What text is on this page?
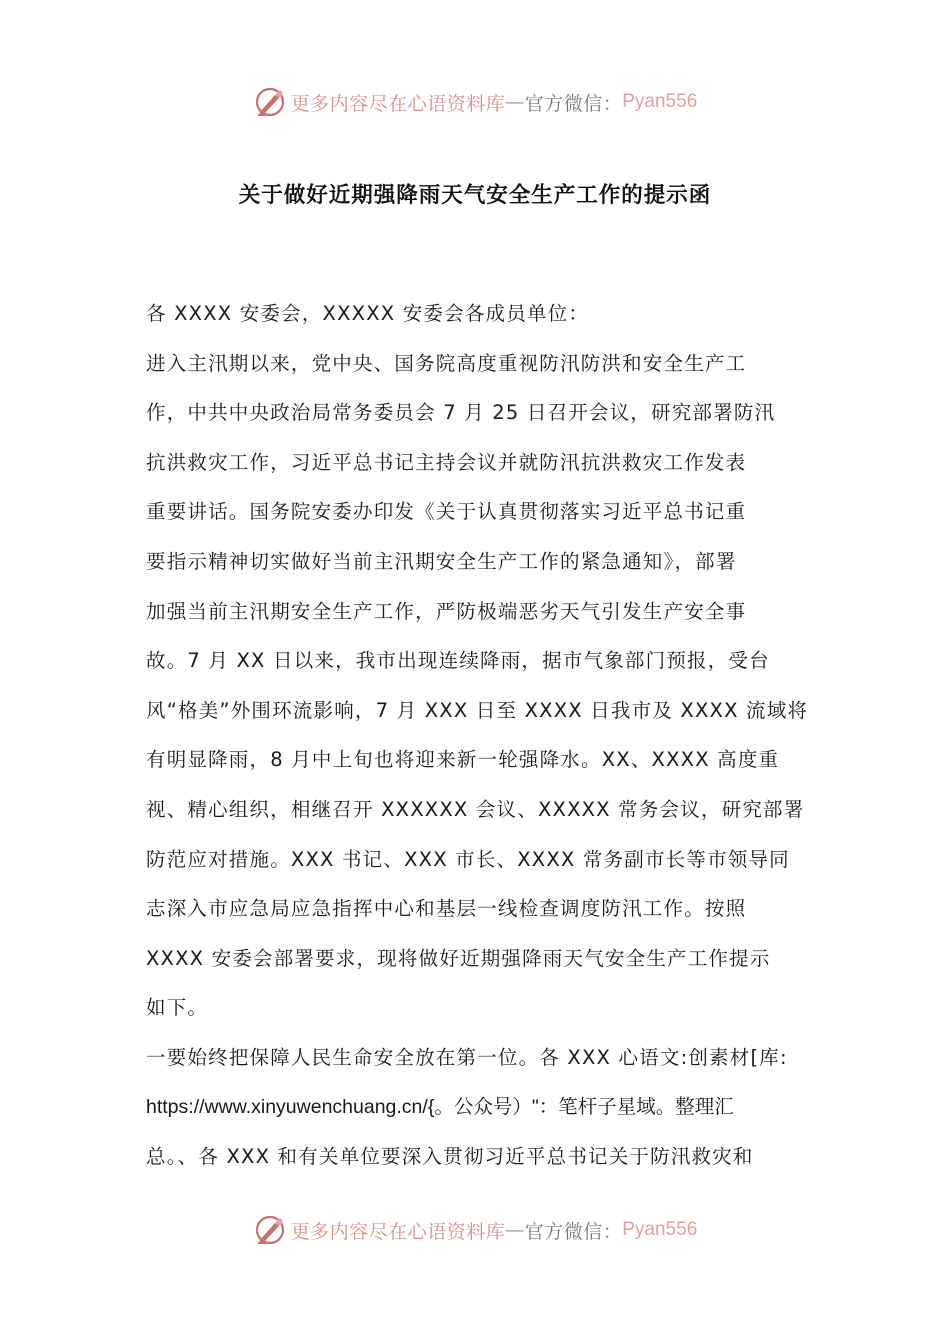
更多内容尽在心语资料库 — 官方微信： Pyan556
关于做好近期强降雨天气安全生产工作的提示函
各 XXXX 安委会，XXXXX 安委会各成员单位：
进入主汛期以来，党中央、国务院高度重视防汛防洪和安全生产工
作，中共中央政治局常务委员会 7 月 25 日召开会议，研究部署防汛
抗洪救灾工作，习近平总书记主持会议并就防汛抗洪救灾工作发表
重要讲话。国务院安委办印发《关于认真贯彻落实习近平总书记重
要指示精神切实做好当前主汛期安全生产工作的紧急通知》，部署
加强当前主汛期安全生产工作，严防极端恶劣天气引发生产安全事
故。7 月 XX 日以来，我市出现连续降雨，据市气象部门预报，受台
风“格美”外围环流影响，7 月 XXX 日至 XXXX 日我市及 XXXX 流域将
有明显降雨，8 月中上旬也将迎来新一轮强降水。XX、XXXX 高度重
视、精心组织，相继召开 XXXXXX 会议、XXXXX 常务会议，研究部署
防范应对措施。XXX 书记、XXX 市长、XXXX 常务副市长等市领导同
志深入市应急局应急指挥中心和基层一线检查调度防汛工作。按照
XXXX 安委会部署要求，现将做好近期强降雨天气安全生产工作提示
如下。
一要始终把保障人民生命安全放在第一位。各 XXX 心语文:创素材[库:
https://www.xinyuwenchuang.cn/{。公众号）"：笔杆子星域。整理汇
总。、各 XXX 和有关单位要深入贯彻习近平总书记关于防汛救灾和
更多内容尽在心语资料库 — 官方微信： Pyan556
